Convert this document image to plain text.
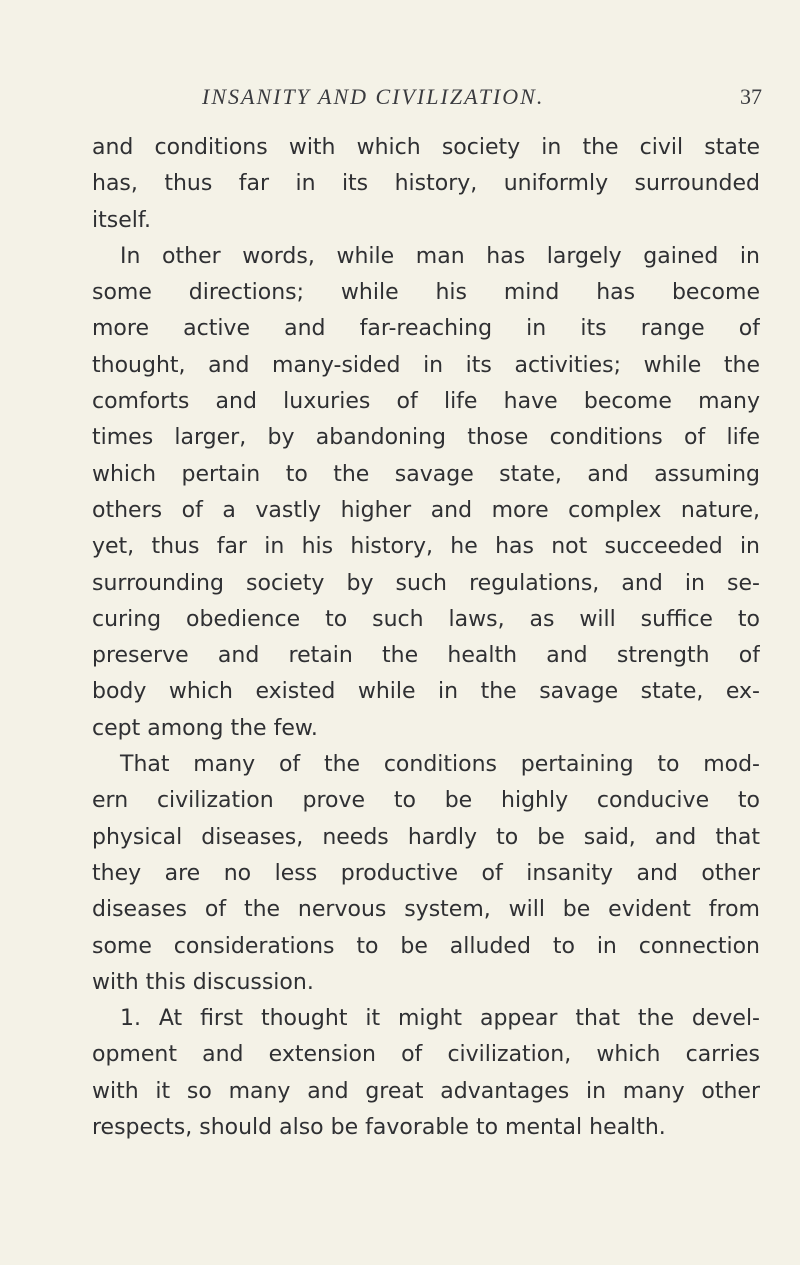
INSANITY AND CIVILIZATION.	37
and conditions with which society in the civil state
has, thus far in its history, uniformly surrounded
itself.
In other words, while man has largely gained in
some directions; while his mind has become
more active and far-reaching in its range of
thought, and many-sided in its activities; while the
comforts and luxuries of life have become many
times larger, by abandoning those conditions of life
which pertain to the savage state, and assuming
others of a vastly higher and more complex nature,
yet, thus far in his history, he has not succeeded in
surrounding society by such regulations, and in se-
curing obedience to such laws, as will suffice to
preserve and retain the health and strength of
body which existed while in the savage state, ex-
cept among the few.
That many of the conditions pertaining to mod-
ern civilization prove to be highly conducive to
physical diseases, needs hardly to be said, and that
they are no less productive of insanity and other
diseases of the nervous system, will be evident from
some considerations to be alluded to in connection
with this discussion.
1. At first thought it might appear that the devel-
opment and extension of civilization, which carries
with it so many and great advantages in many other
respects, should also be favorable to mental health.
